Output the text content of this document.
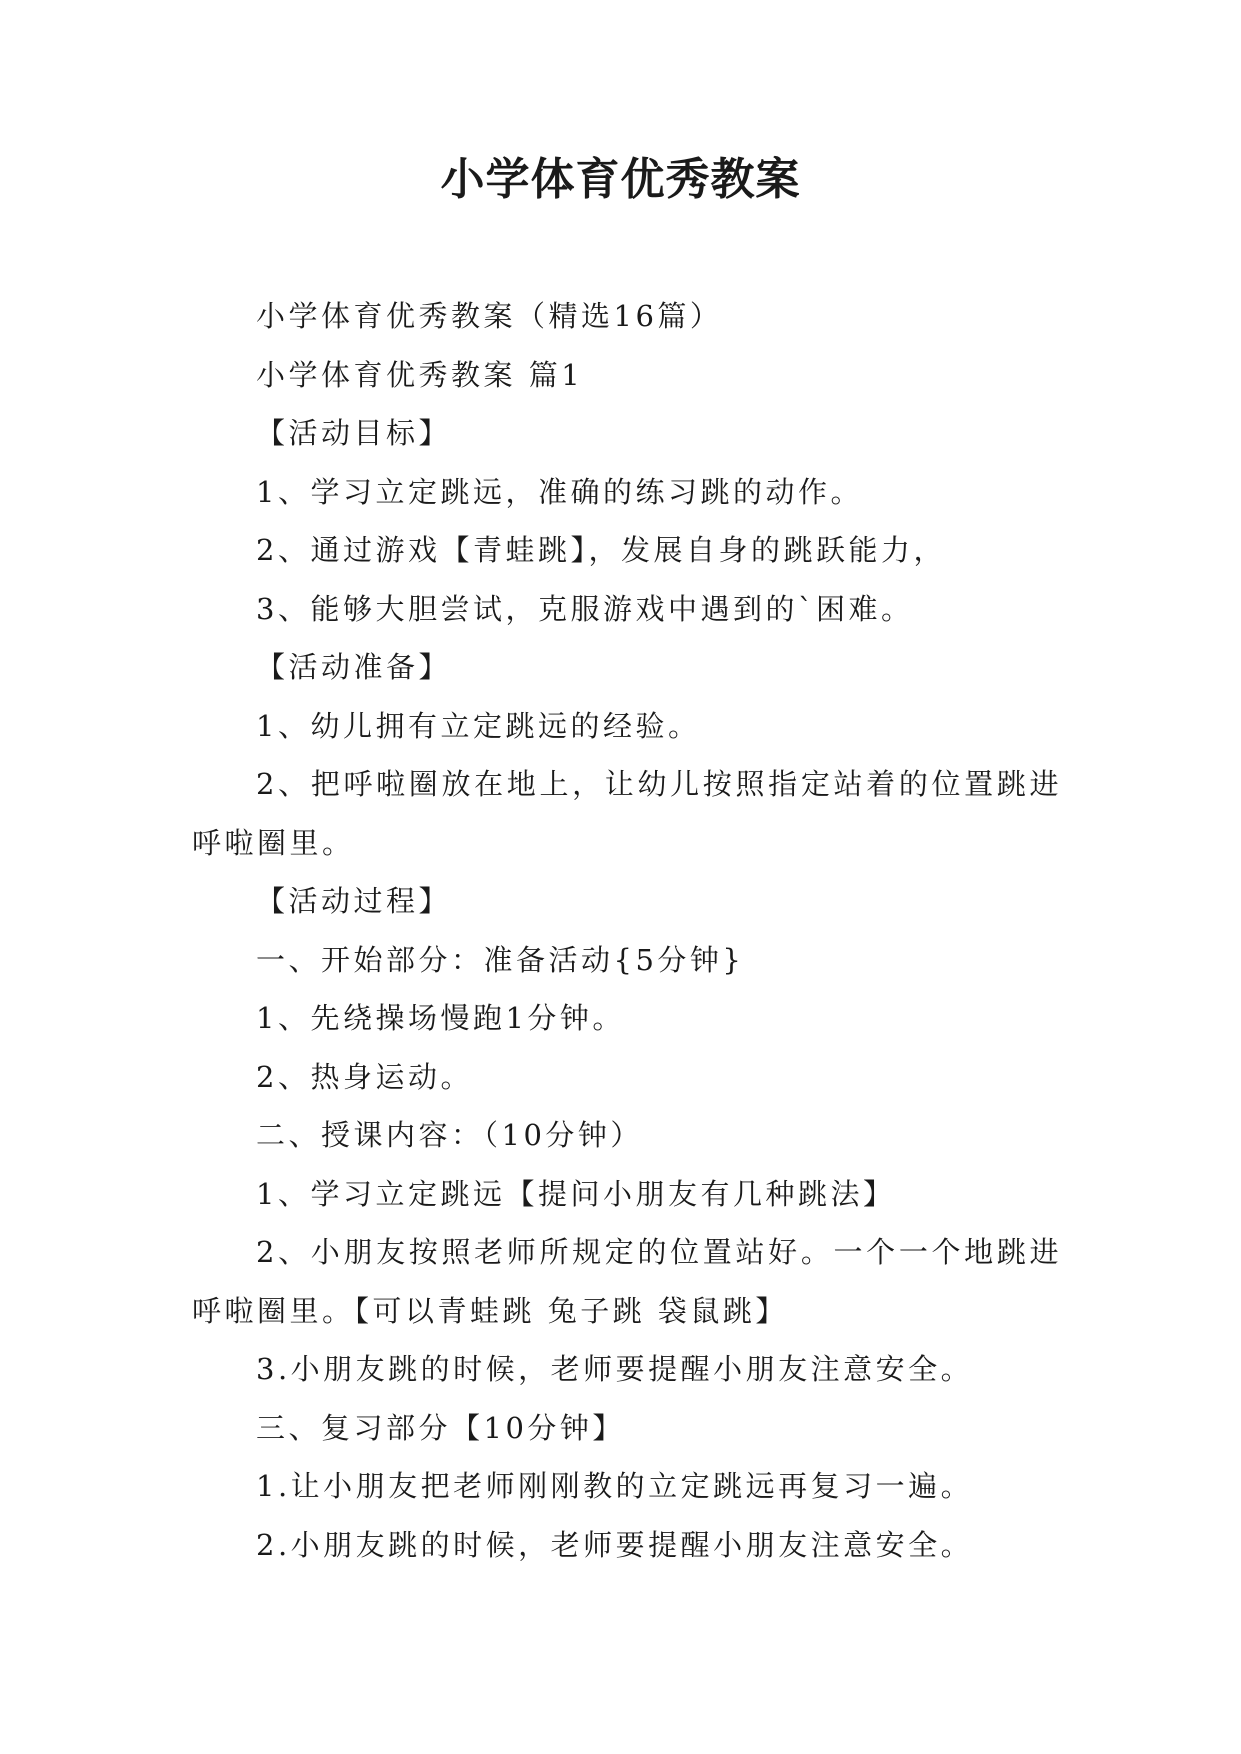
小学体育优秀教案

小学体育优秀教案（精选16篇）

小学体育优秀教案 篇1

【活动目标】

1、学习立定跳远，准确的练习跳的动作。

2、通过游戏【青蛙跳】，发展自身的跳跃能力，

3、能够大胆尝试，克服游戏中遇到的`困难。

【活动准备】

1、幼儿拥有立定跳远的经验。

2、把呼啦圈放在地上，让幼儿按照指定站着的位置跳进呼啦圈里。

【活动过程】

一、开始部分：准备活动{5分钟}

1、先绕操场慢跑1分钟。

2、热身运动。

二、授课内容：（10分钟）

1、学习立定跳远【提问小朋友有几种跳法】

2、小朋友按照老师所规定的位置站好。一个一个地跳进呼啦圈里。【可以青蛙跳 兔子跳 袋鼠跳】

3.小朋友跳的时候，老师要提醒小朋友注意安全。

三、复习部分【10分钟】

1.让小朋友把老师刚刚教的立定跳远再复习一遍。

2.小朋友跳的时候，老师要提醒小朋友注意安全。
